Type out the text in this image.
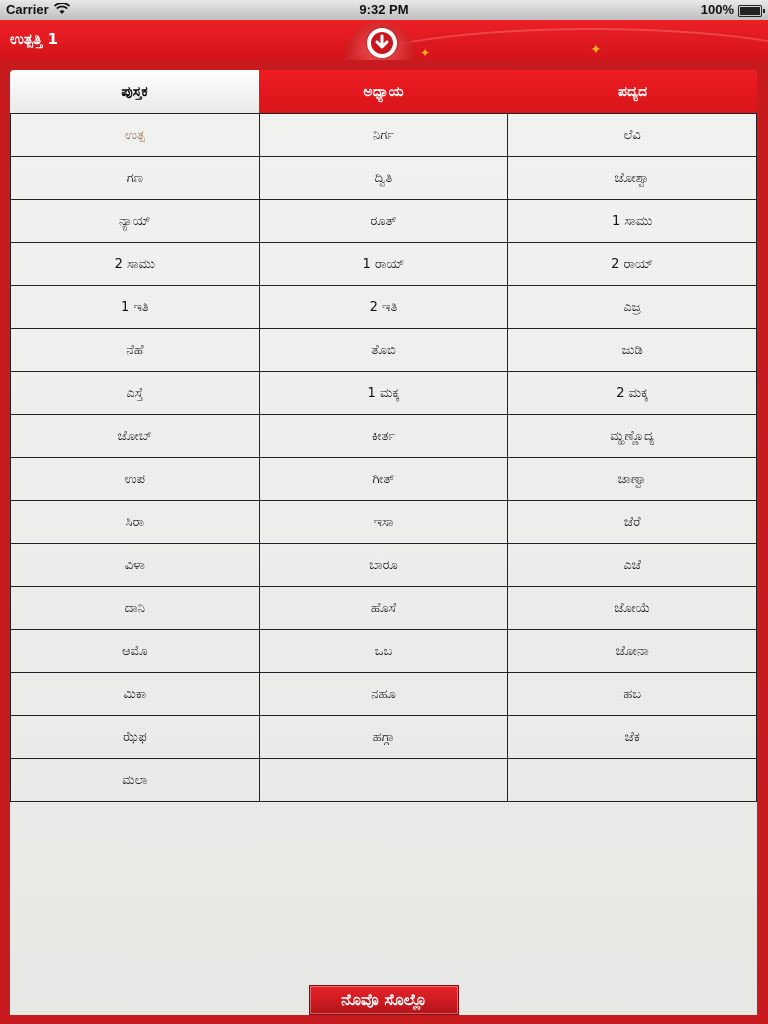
Carrier	9:32 PM	100%
✦	✦
ಉತ್ಪತ್ತಿ 1
ಪುಸ್ತಕ	ಅಧ್ಯಾಯ	ಪದ್ಯದ
ಉತ್ಪ	ನಿರ್ಗ	ಲೆವಿ
ಗಣ	ದ್ವಿತಿ	ಜೋಶ್ವಾ
ನ್ಯಾಯ್	ರೂತ್	1 ಸಾಮು
2 ಸಾಮು	1 ರಾಯ್	2 ರಾಯ್
1 ಇತಿ	2 ಇತಿ	ಎಜ್ರ
ನೆಹೆ	ತೊಬಿ	ಜುಡಿ
ಎಸ್ತೆ	1 ಮಕ್ಕ	2 ಮಕ್ಕ
ಜೋಬ್	ಕೀರ್ತ	ಮ್ಹಣ್ಣೊದ್ಯ
ಉಪ	ಗೀತ್	ಜಾಣ್ವಾ
ಸಿರಾ	ಇಸಾ	ಜೆರೆ
ವಿಳಾ	ಬಾರೂ	ಎಜೆ
ದಾನಿ	ಹೊಸೆ	ಜೋಯೆ
ಆಮೊ	ಒಬ	ಜೋನಾ
ಮಿಕಾ	ನಹೂ	ಹಬ
ಝೆಫ	ಹಗ್ಗಾ	ಜೆಕ
ಮಲಾ		
ನೊವೊ ಸೊಲ್ಲೊ
